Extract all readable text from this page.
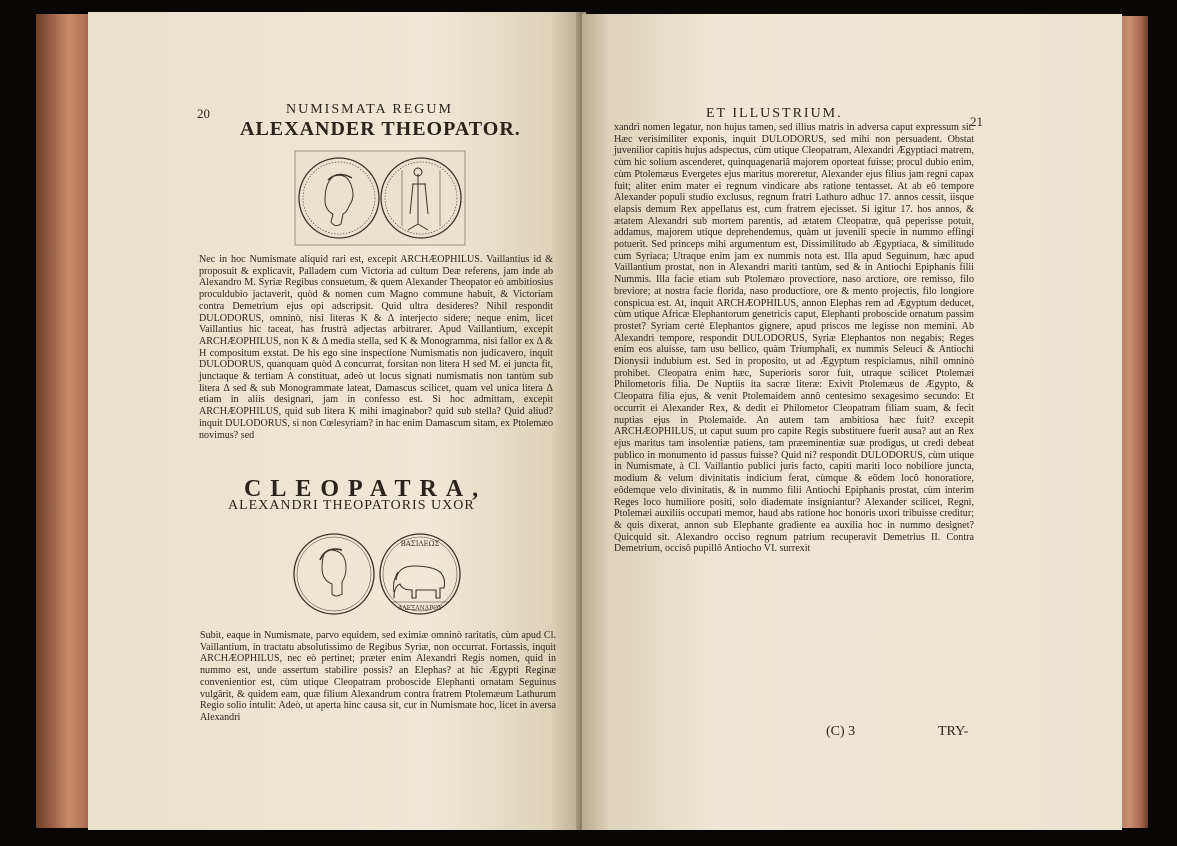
20	NUMISMATA REGUM
ALEXANDER THEOPATOR.

Nec in hoc Numismate aliquid rari est, excepit ARCHÆOPHILUS. Vaillantius id & proposuit & explicavit, Palladem cum Victoria ad cultum Deæ referens, jam inde ab Alexandro M. Syriæ Regibus consuetum, & quem Alexander Theopator eò ambitiosius proculdubio jactaverit, quòd & nomen cum Magno commune habuit, & Victoriam contra Demetrium ejus opi adscripsit. Quid ultra desideres? Nihil respondit DULODORUS, omninò, nisi literas K & Δ interjecto sidere; neque enim, licet Vaillantius hic taceat, has frustrà adjectas arbitrarer. Apud Vaillantium, excepit ARCHÆOPHILUS, non K & Δ media stella, sed K & Monogramma, nisi fallor ex Δ & H compositum exstat. De his ego sine inspectione Numismatis non judicavero, inquit DULODORUS, quanquam quòd Δ concurrat, forsitan non litera H sed M. ei juncta fit, junctaque & tertiam A constituat, adeò ut locus signati numismatis non tantùm sub litera Δ sed & sub Monogrammate lateat, Damascus scilicet, quam vel unica litera Δ etiam in aliis designari, jam in confesso est. Si hoc admittam, excepit ARCHÆOPHILUS, quid sub litera K mihi imaginabor? quid sub stella? Quid aliud? inquit DULODORUS, si non Cœlesyriam? in hac enim Damascum sitam, ex Ptolemæo novimus? sed

CLEOPATRA,
ALEXANDRI THEOPATORIS UXOR
ΒΑΣΙΛΕΩΣ
ΑΛΕΞΑΝΔΡΟΥ

Subit, eaque in Numismate, parvo equidem, sed eximiæ omninò raritatis, cùm apud Cl. Vaillantium, in tractatu absolutissimo de Regibus Syriæ, non occurrat. Fortassis, inquit ARCHÆOPHILUS, nec eò pertinet; præter enim Alexandri Regis nomen, quid in nummo est, unde assertum stabilire possis? an Elephas? at hic Ægypti Reginæ convenientior est, cùm utique Cleopatram proboscide Elephanti ornatam Seguinus vulgârit, & quidem eam, quæ filium Alexandrum contra fratrem Ptolemæum Lathurum Regio solio intulit: Adeò, ut aperta hinc causa sit, cur in Numismate hoc, licet in aversa Alexandri

ET ILLUSTRIUM.
21

xandri nomen legatur, non hujus tamen, sed illius matris in adversa caput expressum sit. Hæc verisimiliter exponis, inquit DULODORUS, sed mihi non persuadent. Obstat juvenilior capitis hujus adspectus, cùm utique Cleopatram, Alexandri Ægyptiaci matrem, cùm hic solium ascenderet, quinquagenariâ majorem oporteat fuisse; procul dubio enim, cùm Ptolemæus Evergetes ejus maritus moreretur, Alexander ejus filius jam regni capax fuit; aliter enim mater ei regnum vindicare abs ratione tentasset. At ab eô tempore Alexander populi studio exclusus, regnum fratri Lathuro adhuc 17. annos cessit, iisque elapsis demum Rex appellatus est, cum fratrem ejecisset. Si igitur 17. hos annos, & ætatem Alexandri sub mortem parentis, ad ætatem Cleopatræ, quâ peperisse potuit, addamus, majorem utique deprehendemus, quàm ut juvenili specie in nummo effingi potuerit. Sed princeps mihi argumentum est, Dissimilitudo ab Ægyptiaca, & similitudo cum Syriaca; Utraque enim jam ex nummis nota est. Illa apud Seguinum, hæc apud Vaillantium prostat, non in Alexandri mariti tantùm, sed & in Antiochi Epiphanis filii Nummis. Illa facie etiam sub Ptolemæo provectiore, naso arctiore, ore remisso, filo breviore; at nostra facie florida, naso productiore, ore & mento projectis, filo longiore conspicua est. At, inquit ARCHÆOPHILUS, annon Elephas rem ad Ægyptum deducet, cùm utique Africæ Elephantorum genetricis caput, Elephanti proboscide ornatum passim prostet? Syriam certè Elephantos gignere, apud priscos me legisse non memini. Ab Alexandri tempore, respondit DULODORUS, Syriæ Elephantos non negabis; Reges enim eos aluisse, tam usu bellico, quàm Triumphali, ex nummis Seleuci & Antiochi Dionysii indubium est. Sed in proposito, ut ad Ægyptum respiciamus, nihil omninò prohibet. Cleopatra enim hæc, Superioris soror fuit, utraque scilicet Ptolemæi Philometoris filia. De Nuptiis ita sacræ literæ: Exivit Ptolemæus de Ægypto, & Cleopatra filia ejus, & venit Ptolemaidem annô centesimo sexagesimo secundo: Et occurrit ei Alexander Rex, & dedit ei Philometor Cleopatram filiam suam, & fecit nuptias ejus in Ptolemaide. An autem tam ambitiosa hæc fuit? excepit ARCHÆOPHILUS, ut caput suum pro capite Regis substituere fuerit ausa? aut an Rex ejus maritus tam insolentiæ patiens, tam præeminentiæ suæ prodigus, ut credi debeat publico in monumento id passus fuisse? Quid ni? respondit DULODORUS, cùm utique in Numismate, à Cl. Vaillantio publici juris facto, capiti mariti loco nobiliore juncta, modium & velum divinitatis indicium ferat, cùmque & eôdem locô honoratiore, eôdemque velo divinitatis, & in nummo filii Antiochi Epiphanis prostat, cùm interim Reges loco humiliore positi, solo diademate insigniantur? Alexander scilicet, Regni, Ptolemæi auxiliis occupati memor, haud abs ratione hoc honoris uxori tribuisse creditur; & quis dixerat, annon sub Elephante gradiente ea auxilia hoc in nummo designet? Quicquid sit. Alexandro occiso regnum patrium recuperavit Demetrius II. Contra Demetrium, occisô pupillô Antiocho VI. surrexit

(C) 3	TRY-
